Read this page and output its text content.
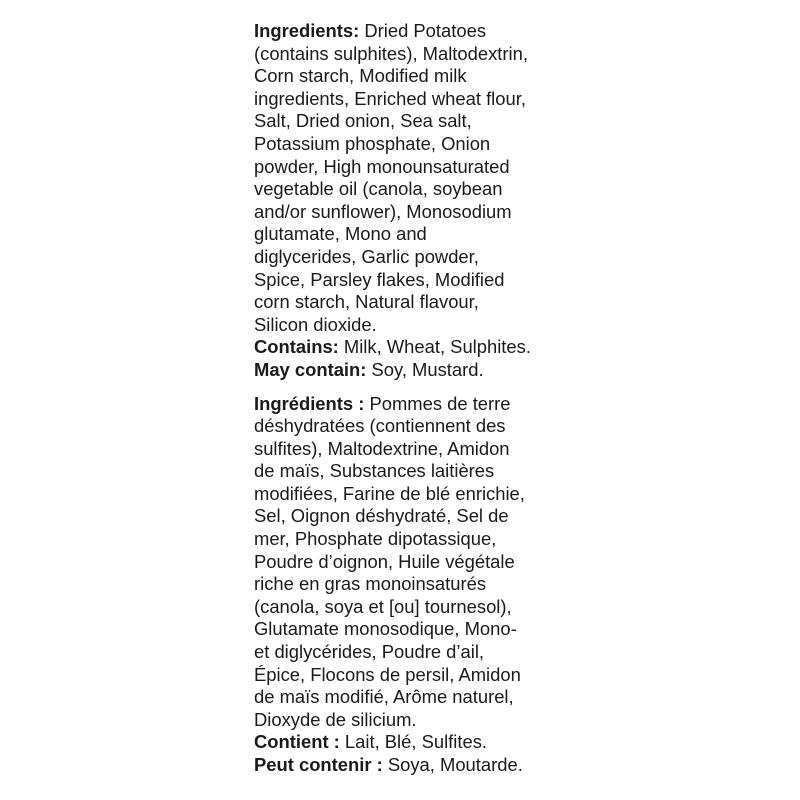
Ingredients: Dried Potatoes
(contains sulphites), Maltodextrin,
Corn starch, Modified milk
ingredients, Enriched wheat flour,
Salt, Dried onion, Sea salt,
Potassium phosphate, Onion
powder, High monounsaturated
vegetable oil (canola, soybean
and/or sunflower), Monosodium
glutamate, Mono and
diglycerides, Garlic powder,
Spice, Parsley flakes, Modified
corn starch, Natural flavour,
Silicon dioxide.
Contains: Milk, Wheat, Sulphites.
May contain: Soy, Mustard.
Ingrédients : Pommes de terre
déshydratées (contiennent des
sulfites), Maltodextrine, Amidon
de maïs, Substances laitières
modifiées, Farine de blé enrichie,
Sel, Oignon déshydraté, Sel de
mer, Phosphate dipotassique,
Poudre d’oignon, Huile végétale
riche en gras monoinsaturés
(canola, soya et [ou] tournesol),
Glutamate monosodique, Mono-
et diglycérides, Poudre d’ail,
Épice, Flocons de persil, Amidon
de maïs modifié, Arôme naturel,
Dioxyde de silicium.
Contient : Lait, Blé, Sulfites.
Peut contenir : Soya, Moutarde.
